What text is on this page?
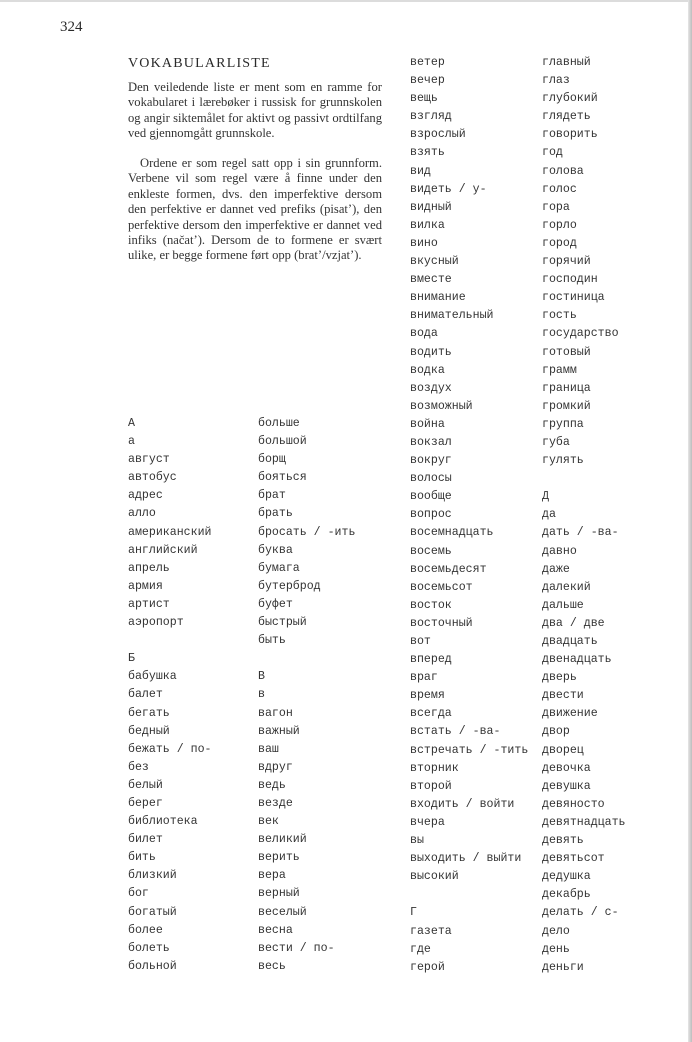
324
VOKABULARLISTE

Den veiledende liste er ment som en ramme for vokabularet i lærebøker i russisk for grunnskolen og angir siktemålet for aktivt og passivt ordtilfang ved gjennomgått grunnskole.

Ordene er som regel satt opp i sin grunnform. Verbene vil som regel være å finne under den enkleste formen, dvs. den imperfektive dersom den perfektive er dannet ved prefiks (pisat’), den perfektive dersom den imperfektive er dannet ved infiks (načat’). Dersom de to formene er svært ulike, er begge formene ført opp (brat’/vzjat’).

А
а
август
автобус
адрес
алло
американский
английский
апрель
армия
артист
аэропорт
Б
бабушка
балет
бегать
бедный
бежать / по-
без
белый
берег
библиотека
билет
бить
близкий
бог
богатый
более
болеть
больной
больше
большой
борщ
бояться
брат
брать
бросать / -ить
буква
бумага
бутерброд
буфет
быстрый
быть
В
в
вагон
важный
ваш
вдруг
ведь
везде
век
великий
верить
вера
верный
веселый
весна
вести / по-
весь
ветер
вечер
вещь
взгляд
взрослый
взять
вид
видеть / у-
видный
вилка
вино
вкусный
вместе
внимание
внимательный
вода
водить
водка
воздух
возможный
война
вокзал
вокруг
волосы
вообще
вопрос
восемнадцать
восемь
восемьдесят
восемьсот
восток
восточный
вот
вперед
враг
время
всегда
встать / -ва-
встречать / -тить
вторник
второй
входить / войти
вчера
вы
выходить / выйти
высокий
Г
газета
где
герой
главный
глаз
глубокий
глядеть
говорить
год
голова
голос
гора
горло
город
горячий
господин
гостиница
гость
государство
готовый
грамм
граница
громкий
группа
губа
гулять
Д
да
дать / -ва-
давно
даже
далекий
дальше
два / две
двадцать
двенадцать
дверь
двести
движение
двор
дворец
девочка
девушка
девяносто
девятнадцать
девять
девятьсот
дедушка
декабрь
делать / с-
дело
день
деньги
